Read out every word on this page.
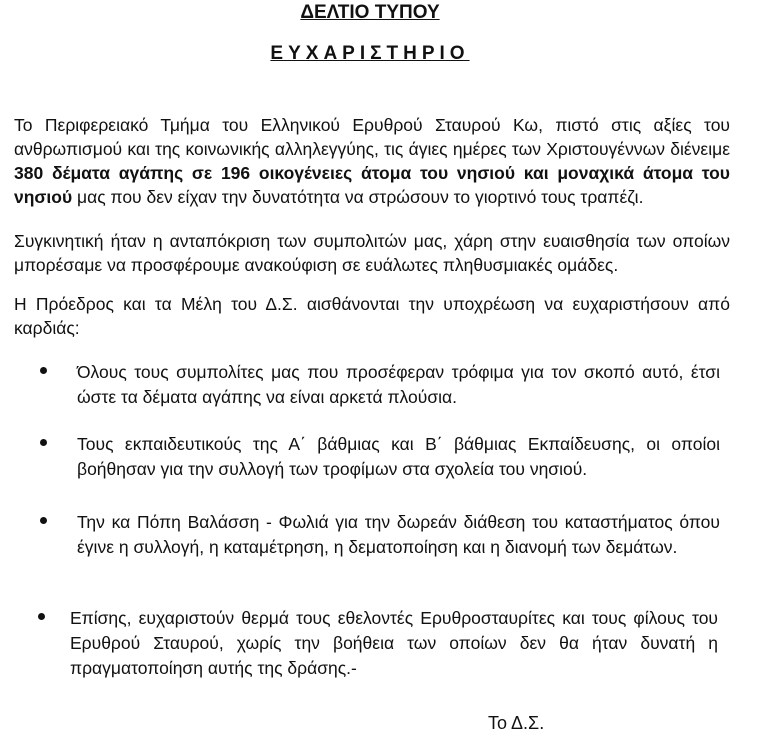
ΔΕΛΤΙΟ ΤΥΠΟΥ
ΕΥΧΑΡΙΣΤΗΡΙΟ

Το Περιφερειακό Τμήμα του Ελληνικού Ερυθρού Σταυρού Κω, πιστό στις αξίες του ανθρωπισμού και της κοινωνικής αλληλεγγύης, τις άγιες ημέρες των Χριστουγέννων διένειμε 380 δέματα αγάπης σε 196 οικογένειες άτομα του νησιού και μοναχικά άτομα του νησιού μας που δεν είχαν την δυνατότητα να στρώσουν το γιορτινό τους τραπέζι.

Συγκινητική ήταν η ανταπόκριση των συμπολιτών μας, χάρη στην ευαισθησία των οποίων μπορέσαμε να προσφέρουμε ανακούφιση σε ευάλωτες πληθυσμιακές ομάδες.

Η Πρόεδρος και τα Μέλη του Δ.Σ. αισθάνονται την υποχρέωση να ευχαριστήσουν από καρδιάς:

Όλους τους συμπολίτες μας που προσέφεραν τρόφιμα για τον σκοπό αυτό, έτσι ώστε τα δέματα αγάπης να είναι αρκετά πλούσια.
Τους εκπαιδευτικούς της Α΄ βάθμιας και Β΄ βάθμιας Εκπαίδευσης, οι οποίοι βοήθησαν για την συλλογή των τροφίμων στα σχολεία του νησιού.
Την κα Πόπη Βαλάσση - Φωλιά για την δωρεάν διάθεση του καταστήματος όπου έγινε η συλλογή, η καταμέτρηση, η δεματοποίηση και η διανομή των δεμάτων.
Επίσης, ευχαριστούν θερμά τους εθελοντές Ερυθροσταυρίτες και τους φίλους του Ερυθρού Σταυρού, χωρίς την βοήθεια των οποίων δεν θα ήταν δυνατή η πραγματοποίηση αυτής της δράσης.-

Το Δ.Σ.
